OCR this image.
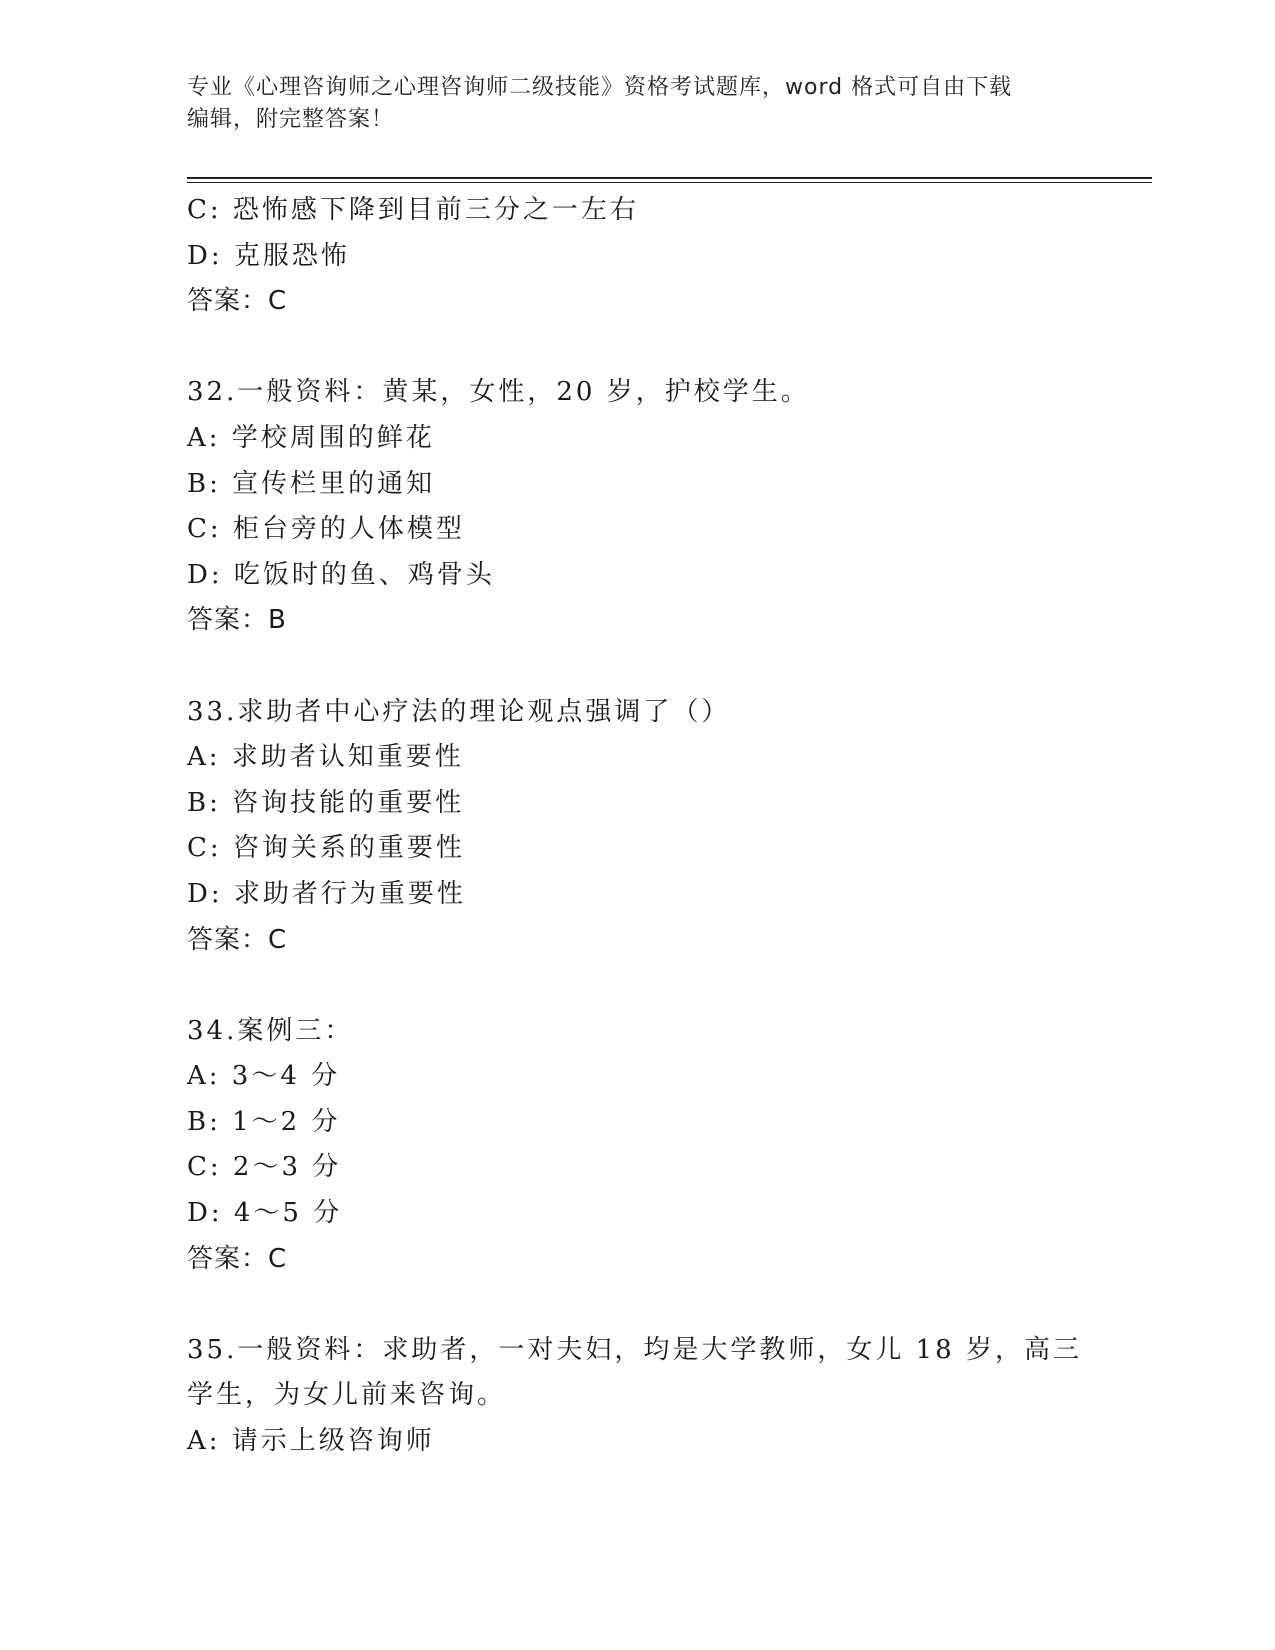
专业《心理咨询师之心理咨询师二级技能》资格考试题库，word 格式可自由下载
编辑，附完整答案！
C: 恐怖感下降到目前三分之一左右
D: 克服恐怖
答案：C
32.一般资料：黄某，女性，20 岁，护校学生。
A: 学校周围的鲜花
B: 宣传栏里的通知
C: 柜台旁的人体模型
D: 吃饭时的鱼、鸡骨头
答案：B
33.求助者中心疗法的理论观点强调了（）
A: 求助者认知重要性
B: 咨询技能的重要性
C: 咨询关系的重要性
D: 求助者行为重要性
答案：C
34.案例三：
A: 3～4 分
B: 1～2 分
C: 2～3 分
D: 4～5 分
答案：C
35.一般资料：求助者，一对夫妇，均是大学教师，女儿 18 岁，高三
学生，为女儿前来咨询。
A: 请示上级咨询师
